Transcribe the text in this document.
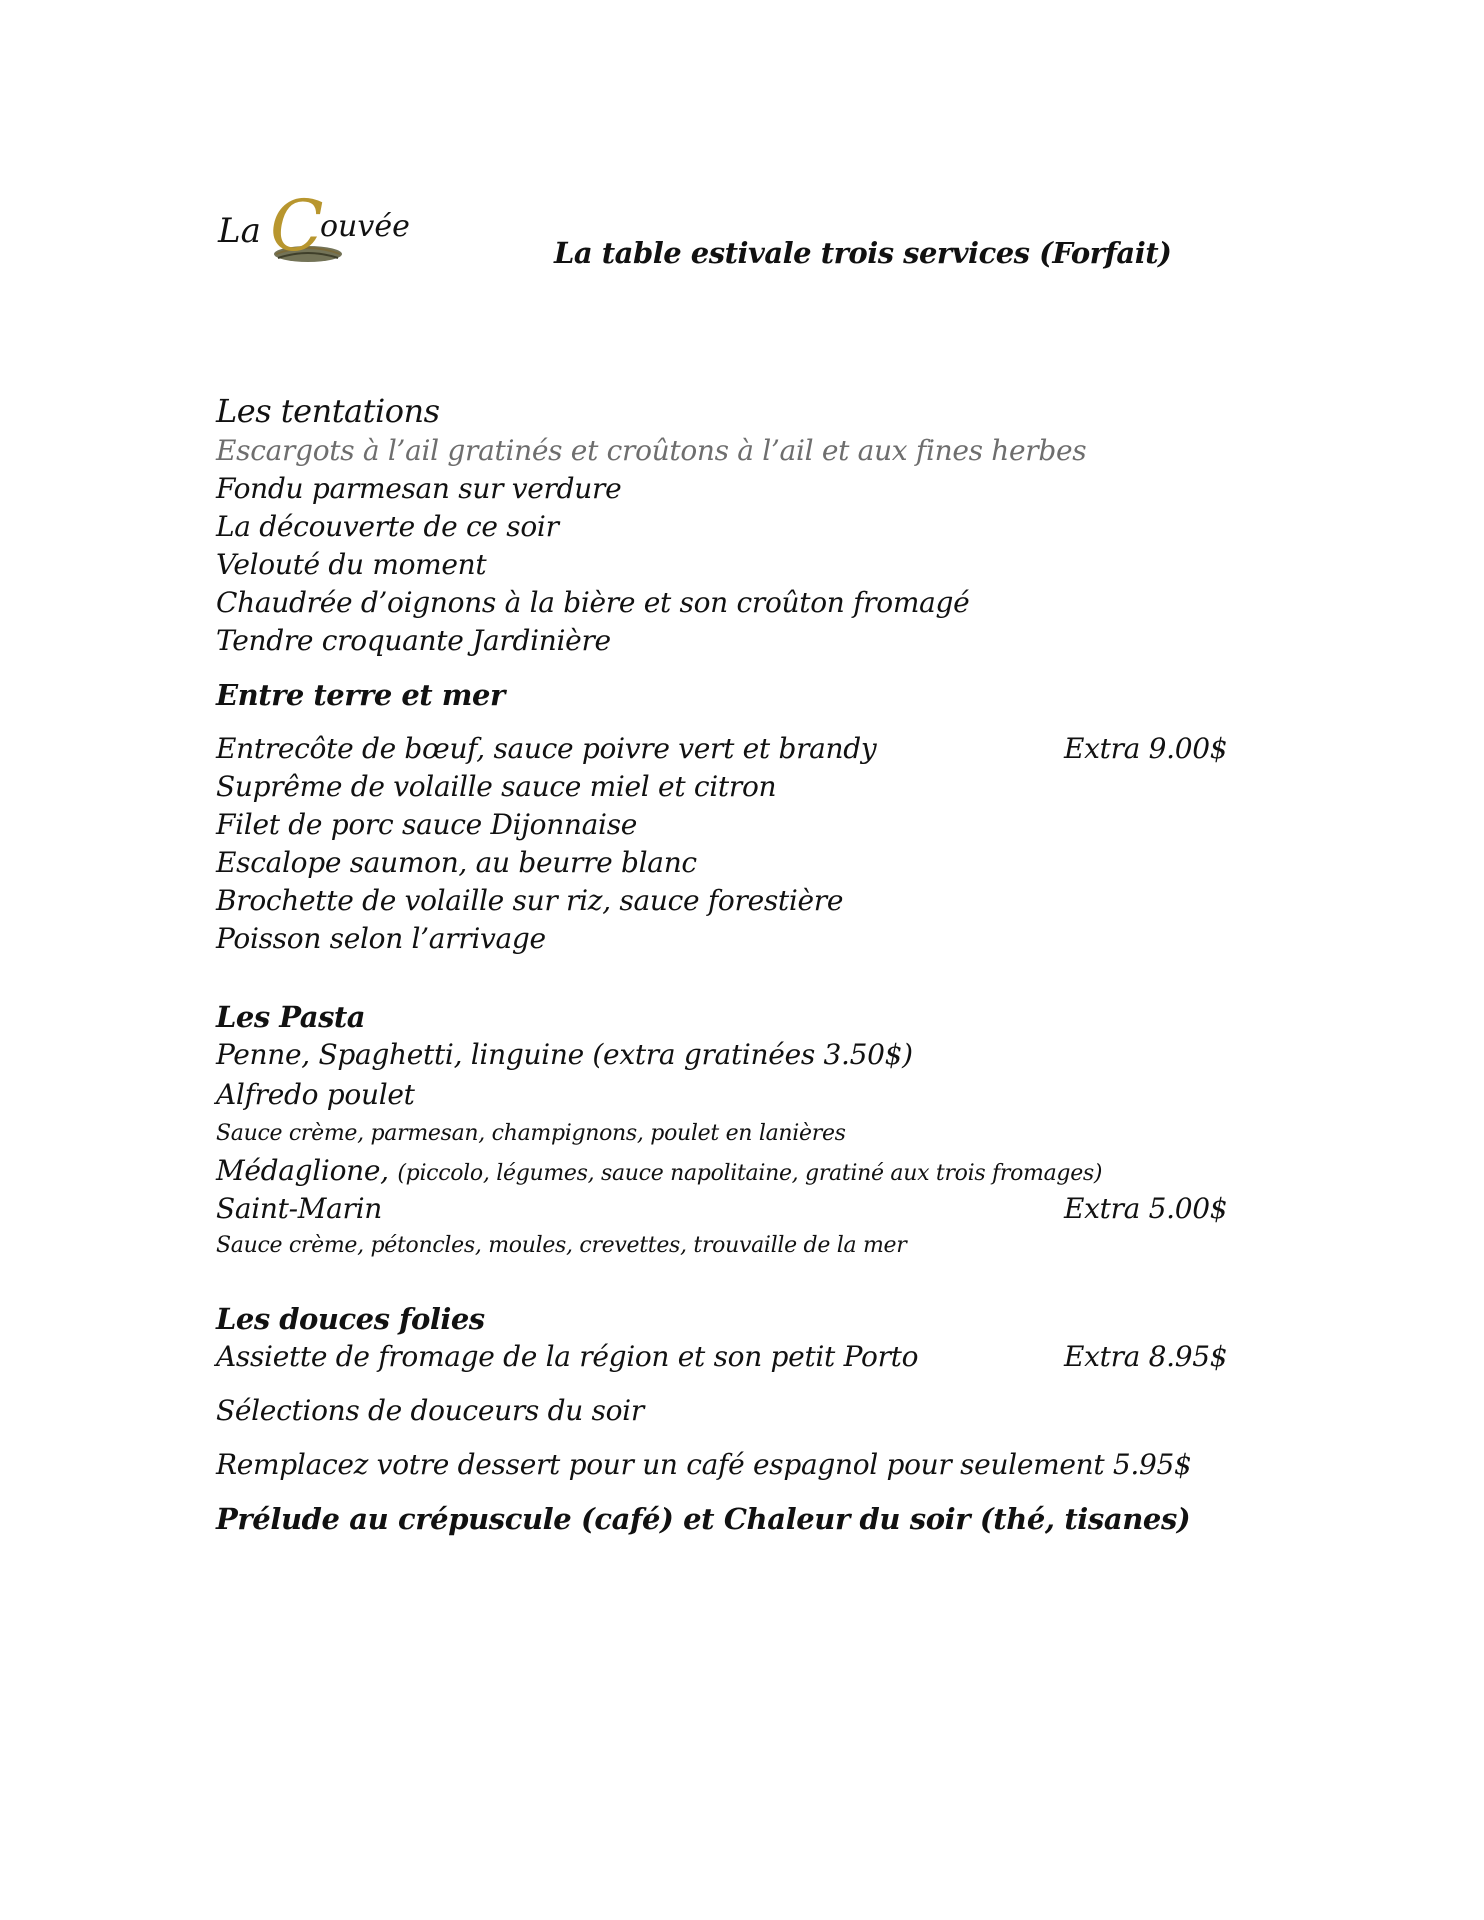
La C
ouvée
La table estivale trois services (Forfait)
Les tentations
Escargots à l’ail gratinés et croûtons à l’ail et aux fines herbes
Fondu parmesan sur verdure
La découverte de ce soir
Velouté du moment
Chaudrée d’oignons à la bière et son croûton fromagé
Tendre croquante Jardinière
Entre terre et mer
Entrecôte de bœuf, sauce poivre vert et brandy	Extra 9.00$
Suprême de volaille sauce miel et citron
Filet de porc sauce Dijonnaise
Escalope saumon, au beurre blanc
Brochette de volaille sur riz, sauce forestière
Poisson selon l’arrivage
Les Pasta
Penne, Spaghetti, linguine (extra gratinées 3.50$)
Alfredo poulet
Sauce crème, parmesan, champignons, poulet en lanières
Médaglione, (piccolo, légumes, sauce napolitaine, gratiné aux trois fromages)
Saint-Marin	Extra 5.00$
Sauce crème, pétoncles, moules, crevettes, trouvaille de la mer
Les douces folies
Assiette de fromage de la région et son petit Porto	Extra 8.95$
Sélections de douceurs du soir
Remplacez votre dessert pour un café espagnol pour seulement 5.95$
Prélude au crépuscule (café) et Chaleur du soir (thé, tisanes)
